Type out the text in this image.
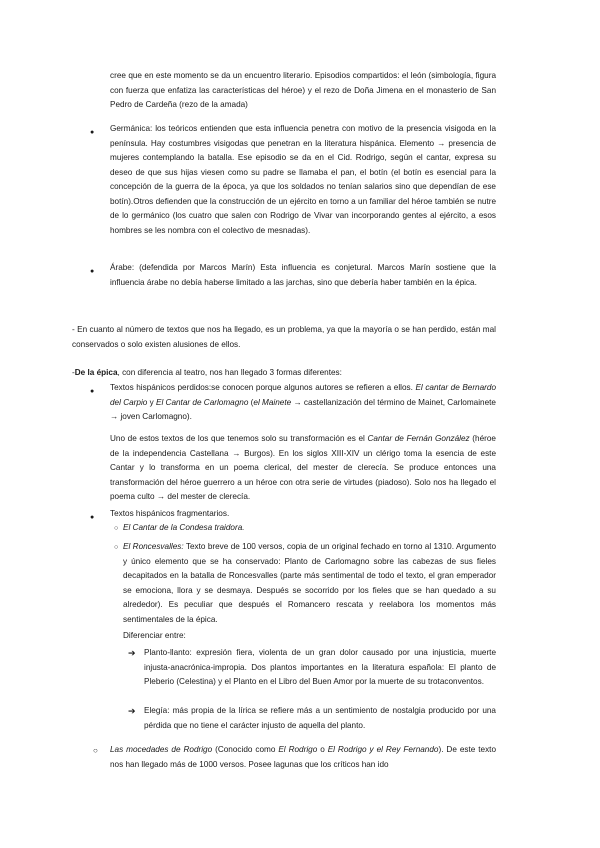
cree que en este momento se da un encuentro literario. Episodios compartidos: el león (simbología, figura con fuerza que enfatiza las características del héroe) y el rezo de Doña Jimena en el monasterio de San Pedro de Cardeña (rezo de la amada)

● Germánica: los teóricos entienden que esta influencia penetra con motivo de la presencia visigoda en la península. Hay costumbres visigodas que penetran en la literatura hispánica. Elemento → presencia de mujeres contemplando la batalla. Ese episodio se da en el Cid. Rodrigo, según el cantar, expresa su deseo de que sus hijas viesen como su padre se llamaba el pan, el botín (el botín es esencial para la concepción de la guerra de la época, ya que los soldados no tenían salarios sino que dependían de ese botín).Otros defienden que la construcción de un ejército en torno a un familiar del héroe también se nutre de lo germánico (los cuatro que salen con Rodrigo de Vivar van incorporando gentes al ejército, a esos hombres se les nombra con el colectivo de mesnadas).

● Árabe: (defendida por Marcos Marín) Esta influencia es conjetural. Marcos Marín sostiene que la influencia árabe no debía haberse limitado a las jarchas, sino que debería haber también en la épica.

- En cuanto al número de textos que nos ha llegado, es un problema, ya que la mayoría o se han perdido, están mal conservados o solo existen alusiones de ellos.

-De la épica, con diferencia al teatro, nos han llegado 3 formas diferentes:

● Textos hispánicos perdidos:se conocen porque algunos autores se refieren a ellos. El cantar de Bernardo del Carpio y El Cantar de Carlomagno (el Mainete → castellanización del término de Mainet, Carlomainete → joven Carlomagno).

Uno de estos textos de los que tenemos solo su transformación es el Cantar de Fernán González (héroe de la independencia Castellana → Burgos). En los siglos XIII-XIV un clérigo toma la esencia de este Cantar y lo transforma en un poema clerical, del mester de clerecía. Se produce entonces una transformación del héroe guerrero a un héroe con otra serie de virtudes (piadoso). Solo nos ha llegado el poema culto → del mester de clerecía.

● Textos hispánicos fragmentarios.

○ El Cantar de la Condesa traidora.

○ El Roncesvalles: Texto breve de 100 versos, copia de un original fechado en torno al 1310. Argumento y único elemento que se ha conservado: Planto de Carlomagno sobre las cabezas de sus fieles decapitados en la batalla de Roncesvalles (parte más sentimental de todo el texto, el gran emperador se emociona, llora y se desmaya. Después se socorrido por los fieles que se han quedado a su alrededor). Es peculiar que después el Romancero rescata y reelabora los momentos más sentimentales de la épica.

Diferenciar entre:

➔ Planto-llanto: expresión fiera, violenta de un gran dolor causado por una injusticia, muerte injusta-anacrónica-impropia. Dos plantos importantes en la literatura española: El planto de Pleberio (Celestina) y el Planto en el Libro del Buen Amor por la muerte de su trotaconventos.

➔ Elegía: más propia de la lírica se refiere más a un sentimiento de nostalgia producido por una pérdida que no tiene el carácter injusto de aquella del planto.

○ Las mocedades de Rodrigo (Conocido como El Rodrigo o El Rodrigo y el Rey Fernando). De este texto nos han llegado más de 1000 versos. Posee lagunas que los críticos han ido
